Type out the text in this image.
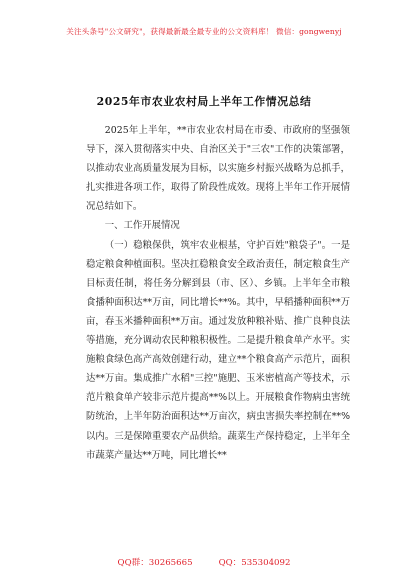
关注头条号"公文研究"，获得最新最全最专业的公文资料库！ 微信：gongwenyj
2025年市农业农村局上半年工作情况总结

2025年上半年，**市农业农村局在市委、市政府的坚强领导下，深入贯彻落实中央、自治区关于"三农"工作的决策部署，以推动农业高质量发展为目标，以实施乡村振兴战略为总抓手，扎实推进各项工作，取得了阶段性成效。现将上半年工作开展情况总结如下。

一、工作开展情况

（一）稳粮保供，筑牢农业根基，守护百姓"粮袋子"。一是稳定粮食种植面积。坚决扛稳粮食安全政治责任，制定粮食生产目标责任制，将任务分解到县（市、区）、乡镇。上半年全市粮食播种面积达**万亩，同比增长**%。其中，早稻播种面积**万亩，春玉米播种面积**万亩。通过发放种粮补贴、推广良种良法等措施，充分调动农民种粮积极性。二是提升粮食单产水平。实施粮食绿色高产高效创建行动，建立**个粮食高产示范片，面积达**万亩。集成推广水稻"三控"施肥、玉米密植高产等技术，示范片粮食单产较非示范片提高**%以上。开展粮食作物病虫害统防统治，上半年防治面积达**万亩次，病虫害损失率控制在**%以内。三是保障重要农产品供给。蔬菜生产保持稳定，上半年全市蔬菜产量达**万吨，同比增长**

QQ群：30265665	QQ：535304092
